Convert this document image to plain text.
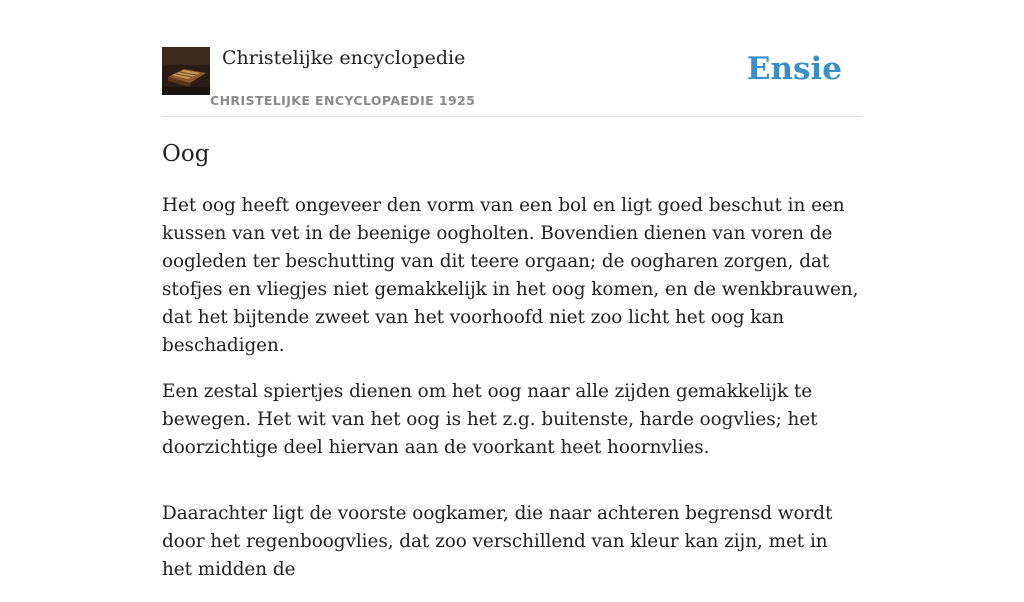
Christelijke encyclopedie
CHRISTELIJKE ENCYCLOPAEDIE 1925
Ensie
Oog

Het oog heeft ongeveer den vorm van een bol en ligt goed beschut in een kussen van vet in de beenige oogholten. Bovendien dienen van voren de oogleden ter beschutting van dit teere orgaan; de oogharen zorgen, dat stofjes en vliegjes niet gemakkelijk in het oog komen, en de wenkbrauwen, dat het bijtende zweet van het voorhoofd niet zoo licht het oog kan beschadigen.

Een zestal spiertjes dienen om het oog naar alle zijden gemakkelijk te bewegen. Het wit van het oog is het z.g. buitenste, harde oogvlies; het doorzichtige deel hiervan aan de voorkant heet hoornvlies.

Daarachter ligt de voorste oogkamer, die naar achteren begrensd wordt door het regenboogvlies, dat zoo verschillend van kleur kan zijn, met in het midden de
